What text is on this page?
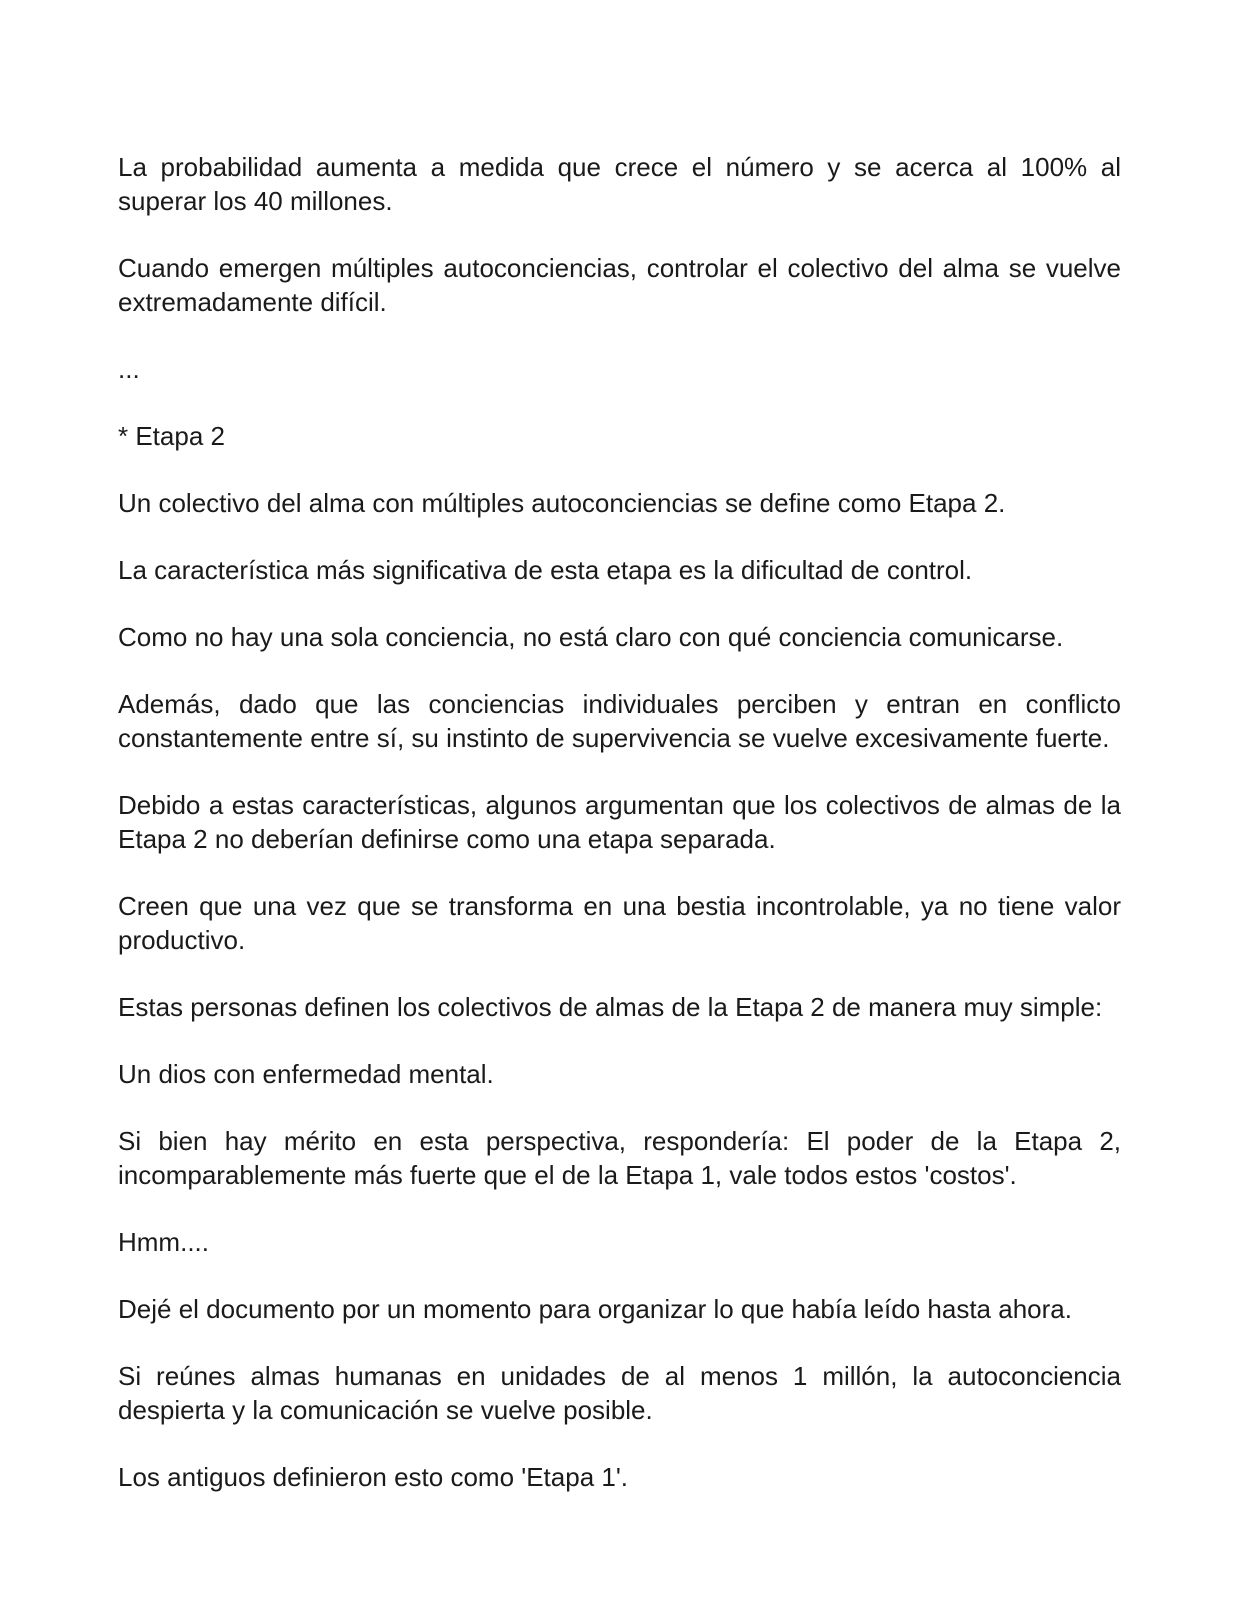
La probabilidad aumenta a medida que crece el número y se acerca al 100% al superar los 40 millones.

Cuando emergen múltiples autoconciencias, controlar el colectivo del alma se vuelve extremadamente difícil.

...

* Etapa 2

Un colectivo del alma con múltiples autoconciencias se define como Etapa 2.

La característica más significativa de esta etapa es la dificultad de control.

Como no hay una sola conciencia, no está claro con qué conciencia comunicarse.

Además, dado que las conciencias individuales perciben y entran en conflicto constantemente entre sí, su instinto de supervivencia se vuelve excesivamente fuerte.

Debido a estas características, algunos argumentan que los colectivos de almas de la Etapa 2 no deberían definirse como una etapa separada.

Creen que una vez que se transforma en una bestia incontrolable, ya no tiene valor productivo.

Estas personas definen los colectivos de almas de la Etapa 2 de manera muy simple:

Un dios con enfermedad mental.

Si bien hay mérito en esta perspectiva, respondería: El poder de la Etapa 2, incomparablemente más fuerte que el de la Etapa 1, vale todos estos 'costos'.

Hmm....

Dejé el documento por un momento para organizar lo que había leído hasta ahora.

Si reúnes almas humanas en unidades de al menos 1 millón, la autoconciencia despierta y la comunicación se vuelve posible.

Los antiguos definieron esto como 'Etapa 1'.
